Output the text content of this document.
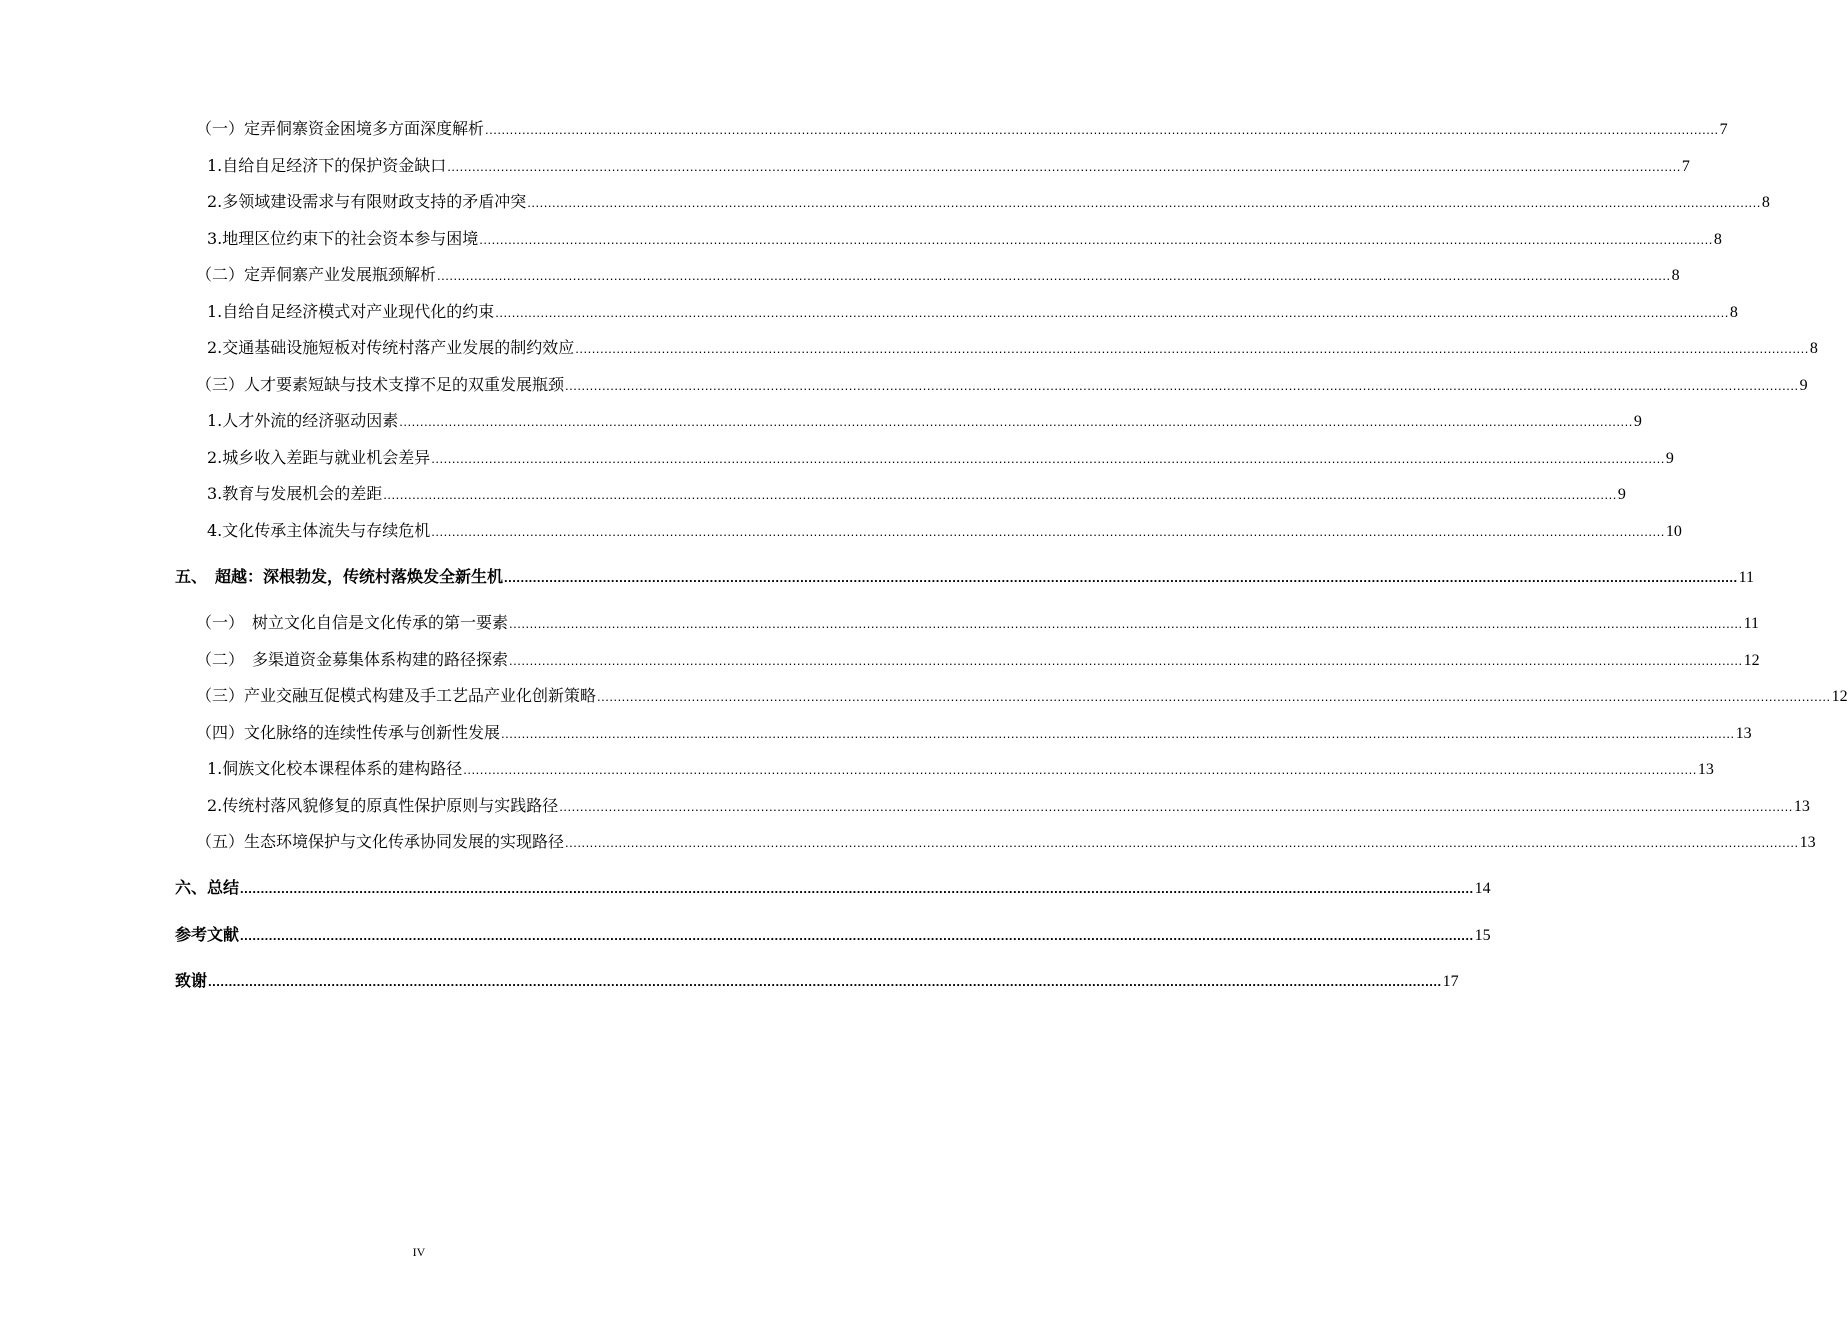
（一）定弄侗寨资金困境多方面深度解析 ............................................................................................................................................................................................................................................................................................................ 7
1.自给自足经济下的保护资金缺口 ............................................................................................................................................................................................................................................................................................................ 7
2.多领域建设需求与有限财政支持的矛盾冲突 ............................................................................................................................................................................................................................................................................................................ 8
3.地理区位约束下的社会资本参与困境 ............................................................................................................................................................................................................................................................................................................ 8
（二）定弄侗寨产业发展瓶颈解析 ............................................................................................................................................................................................................................................................................................................ 8
1.自给自足经济模式对产业现代化的约束 ............................................................................................................................................................................................................................................................................................................ 8
2.交通基础设施短板对传统村落产业发展的制约效应 ............................................................................................................................................................................................................................................................................................................ 8
（三）人才要素短缺与技术支撑不足的双重发展瓶颈 ............................................................................................................................................................................................................................................................................................................ 9
1.人才外流的经济驱动因素 ............................................................................................................................................................................................................................................................................................................ 9
2.城乡收入差距与就业机会差异 ............................................................................................................................................................................................................................................................................................................ 9
3.教育与发展机会的差距 ............................................................................................................................................................................................................................................................................................................ 9
4.文化传承主体流失与存续危机 ............................................................................................................................................................................................................................................................................................................ 10
五、　超越：深根勃发，传统村落焕发全新生机 ............................................................................................................................................................................................................................................................................................................ 11
（一）　树立文化自信是文化传承的第一要素 ............................................................................................................................................................................................................................................................................................................ 11
（二）　多渠道资金募集体系构建的路径探索 ............................................................................................................................................................................................................................................................................................................ 12
（三）产业交融互促模式构建及手工艺品产业化创新策略 ............................................................................................................................................................................................................................................................................................................ 12
（四）文化脉络的连续性传承与创新性发展 ............................................................................................................................................................................................................................................................................................................ 13
1.侗族文化校本课程体系的建构路径 ............................................................................................................................................................................................................................................................................................................ 13
2.传统村落风貌修复的原真性保护原则与实践路径 ............................................................................................................................................................................................................................................................................................................ 13
（五）生态环境保护与文化传承协同发展的实现路径 ............................................................................................................................................................................................................................................................................................................ 13
六、总结 ............................................................................................................................................................................................................................................................................................................ 14
参考文献 ............................................................................................................................................................................................................................................................................................................ 15
致谢 ............................................................................................................................................................................................................................................................................................................ 17
IV
